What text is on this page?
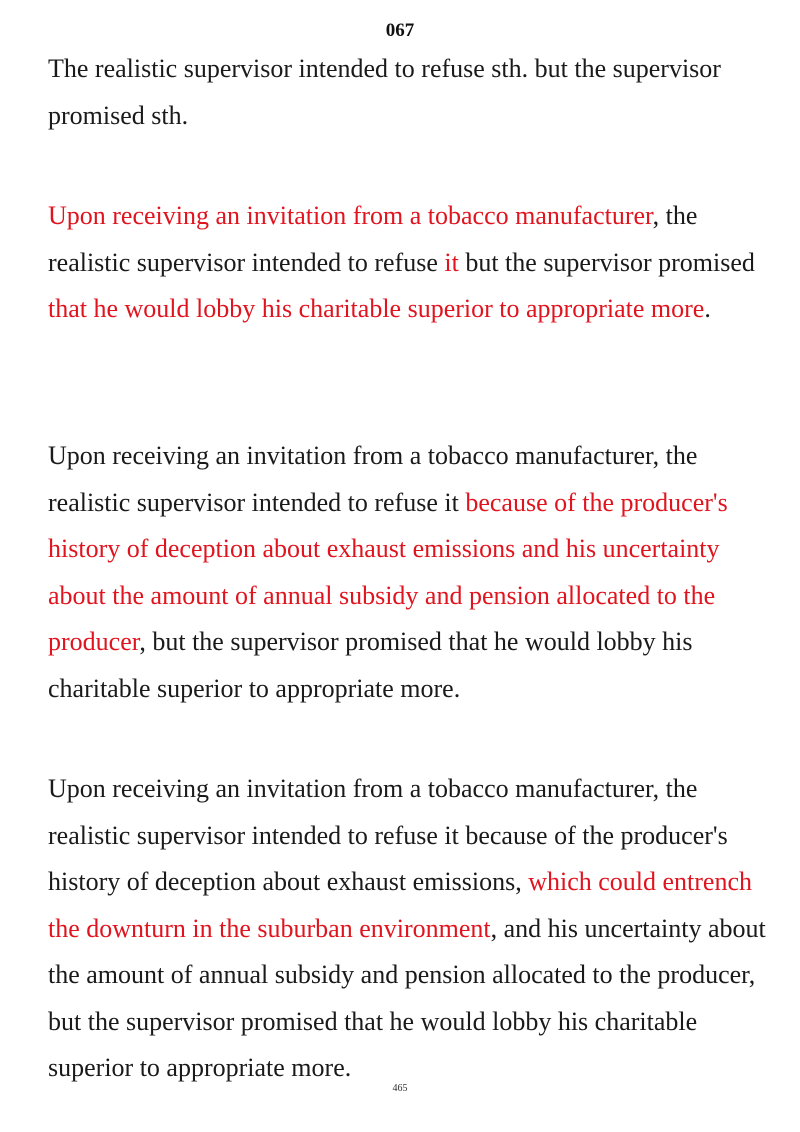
067

The realistic supervisor intended to refuse sth. but the supervisor promised sth.

Upon receiving an invitation from a tobacco manufacturer, the realistic supervisor intended to refuse it but the supervisor promised that he would lobby his charitable superior to appropriate more.

Upon receiving an invitation from a tobacco manufacturer, the realistic supervisor intended to refuse it because of the producer's history of deception about exhaust emissions and his uncertainty about the amount of annual subsidy and pension allocated to the producer, but the supervisor promised that he would lobby his charitable superior to appropriate more.

Upon receiving an invitation from a tobacco manufacturer, the realistic supervisor intended to refuse it because of the producer's history of deception about exhaust emissions, which could entrench the downturn in the suburban environment, and his uncertainty about the amount of annual subsidy and pension allocated to the producer, but the supervisor promised that he would lobby his charitable superior to appropriate more.

465
